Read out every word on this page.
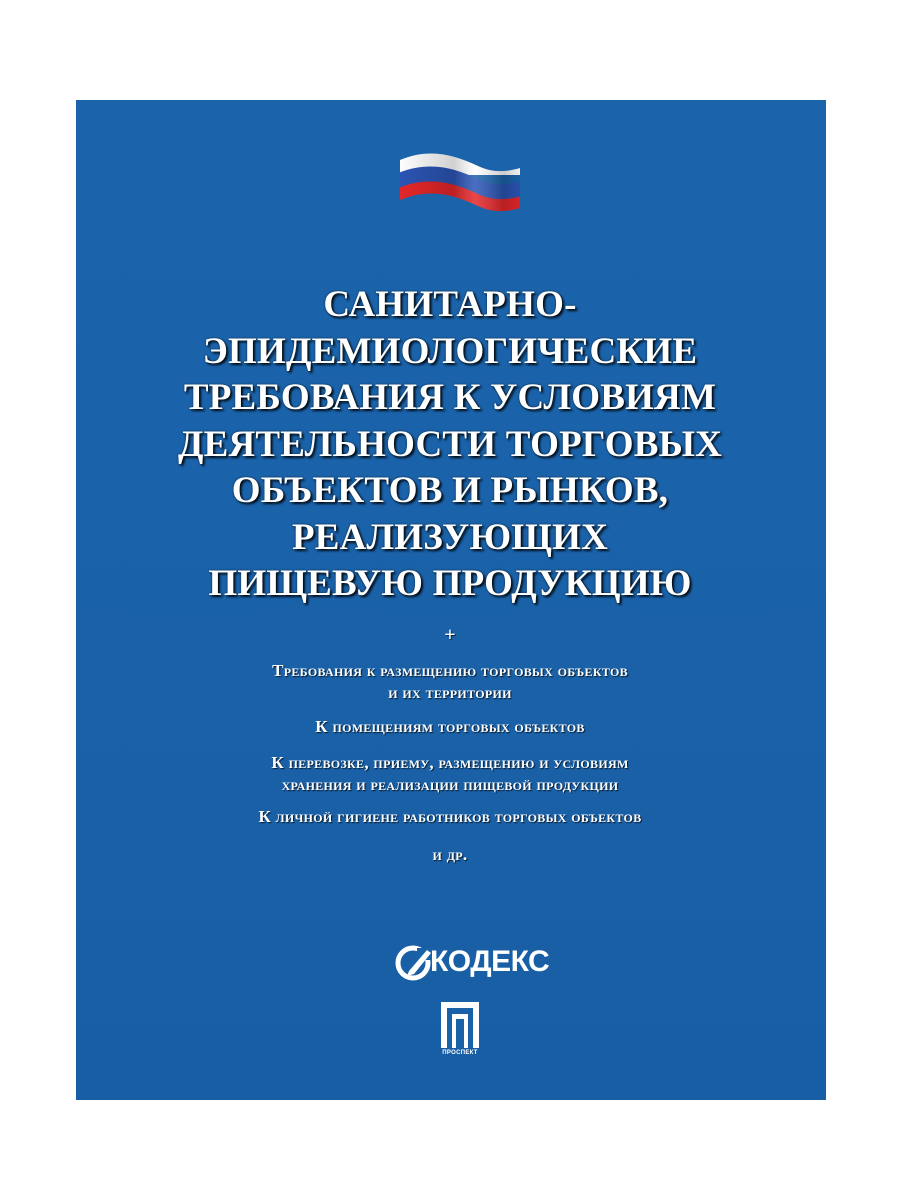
САНИТАРНО-
ЭПИДЕМИОЛОГИЧЕСКИЕ
ТРЕБОВАНИЯ К УСЛОВИЯМ
ДЕЯТЕЛЬНОСТИ ТОРГОВЫХ
ОБЪЕКТОВ И РЫНКОВ,
РЕАЛИЗУЮЩИХ
ПИЩЕВУЮ ПРОДУКЦИЮ
+
Требования к размещению торговых объектов
и их территории
К помещениям торговых объектов
К перевозке, приему, размещению и условиям
хранения и реализации пищевой продукции
К личной гигиене работников торговых объектов
и др.
КОДЕКС
ПРОСПЕКТ
